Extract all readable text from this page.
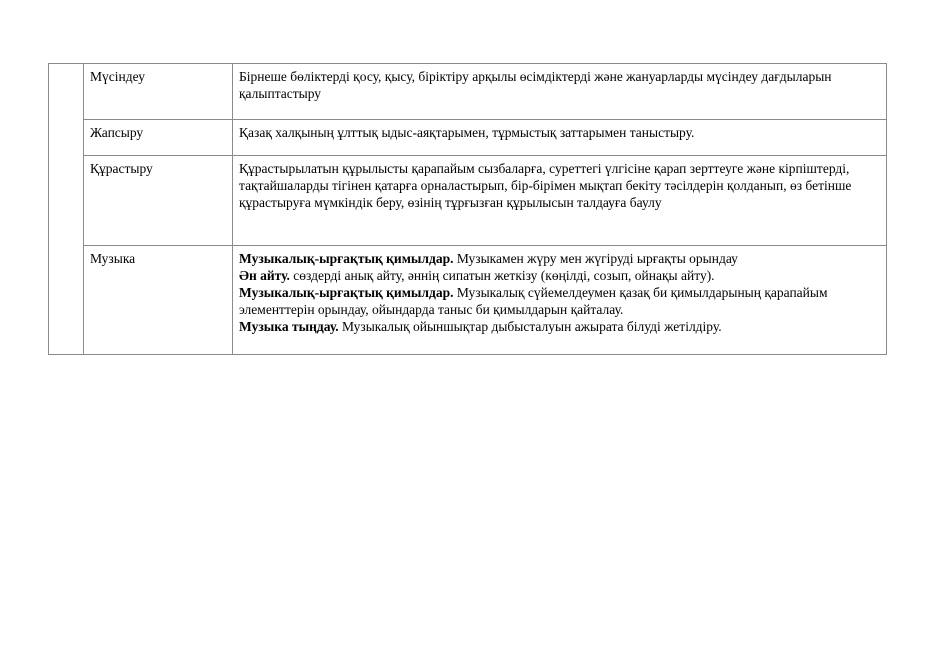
	Мүсіндеу	Бірнеше бөліктерді қосу, қысу, біріктіру арқылы өсімдіктерді және жануарларды мүсіндеу дағдыларын қалыптастыру
	Жапсыру	Қазақ халқының ұлттық ыдыс-аяқтарымен, тұрмыстық заттарымен таныстыру.
	Құрастыру	Құрастырылатын құрылысты қарапайым сызбаларға, суреттегі үлгісіне қарап зерттеуге және кірпіштерді, тақтайшаларды тігінен қатарға орналастырып, бір-бірімен мықтап бекіту тәсілдерін қолданып, өз бетінше құрастыруға мүмкіндік беру, өзінің тұрғызған құрылысын талдауға баулу
	Музыка	Музыкалық-ырғақтық қимылдар. Музыкамен жүру мен жүгіруді ырғақты орындау
Ән айту. сөздерді анық айту, әннің сипатын жеткізу (көңілді, созып, ойнақы айту).
Музыкалық-ырғақтық қимылдар. Музыкалық сүйемелдеумен қазақ би қимылдарының қарапайым элементтерін орындау, ойындарда таныс би қимылдарын қайталау.
Музыка тыңдау. Музыкалық ойыншықтар дыбысталуын ажырата білуді жетілдіру.
